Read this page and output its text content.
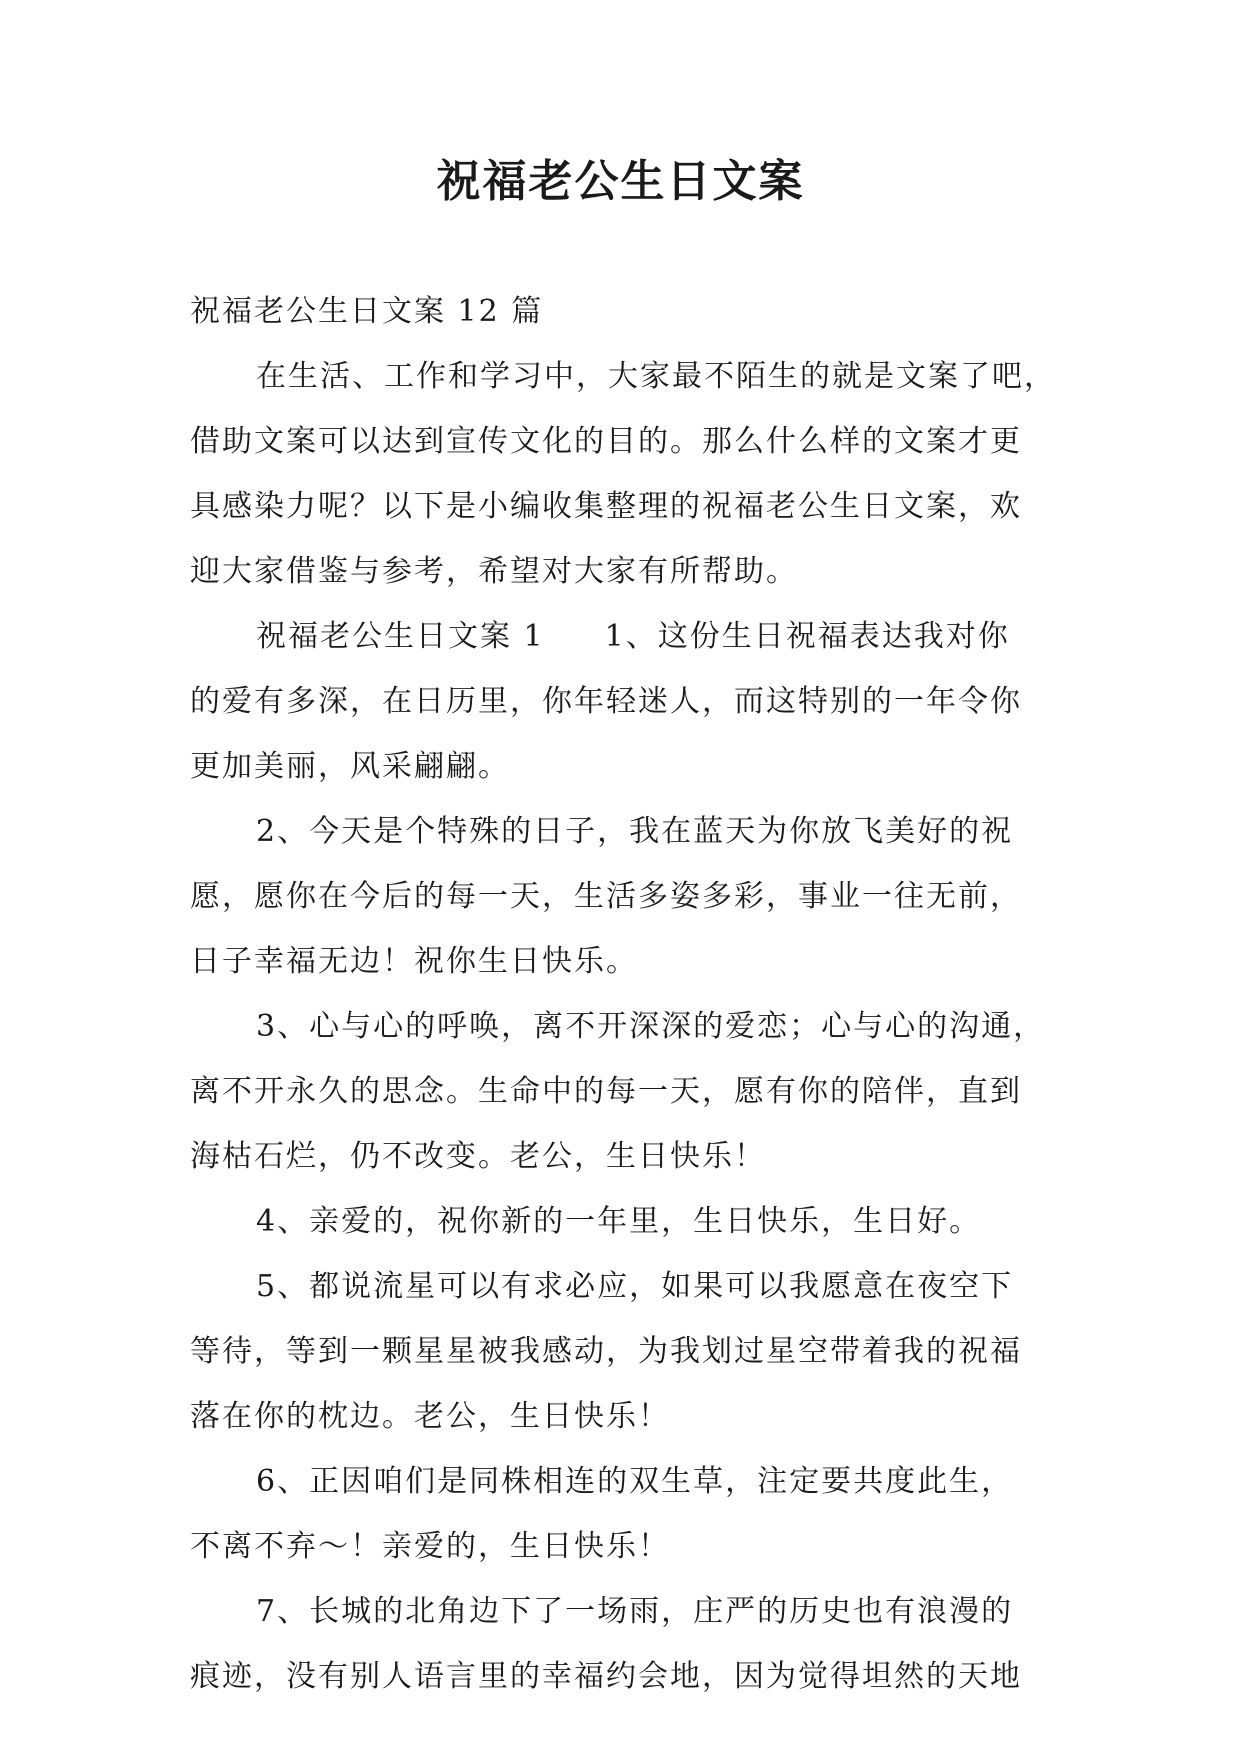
祝福老公生日文案
祝福老公生日文案 12 篇
在生活、工作和学习中，大家最不陌生的就是文案了吧，
借助文案可以达到宣传文化的目的。那么什么样的文案才更
具感染力呢？以下是小编收集整理的祝福老公生日文案，欢
迎大家借鉴与参考，希望对大家有所帮助。
祝福老公生日文案 1 1、这份生日祝福表达我对你
的爱有多深，在日历里，你年轻迷人，而这特别的一年令你
更加美丽，风采翩翩。
2、今天是个特殊的日子，我在蓝天为你放飞美好的祝
愿，愿你在今后的每一天，生活多姿多彩，事业一往无前，
日子幸福无边！祝你生日快乐。
3、心与心的呼唤，离不开深深的爱恋；心与心的沟通，
离不开永久的思念。生命中的每一天，愿有你的陪伴，直到
海枯石烂，仍不改变。老公，生日快乐！
4、亲爱的，祝你新的一年里，生日快乐，生日好。
5、都说流星可以有求必应，如果可以我愿意在夜空下
等待，等到一颗星星被我感动，为我划过星空带着我的祝福
落在你的枕边。老公，生日快乐！
6、正因咱们是同株相连的双生草，注定要共度此生，
不离不弃～！亲爱的，生日快乐！
7、长城的北角边下了一场雨，庄严的历史也有浪漫的
痕迹，没有别人语言里的幸福约会地，因为觉得坦然的天地
